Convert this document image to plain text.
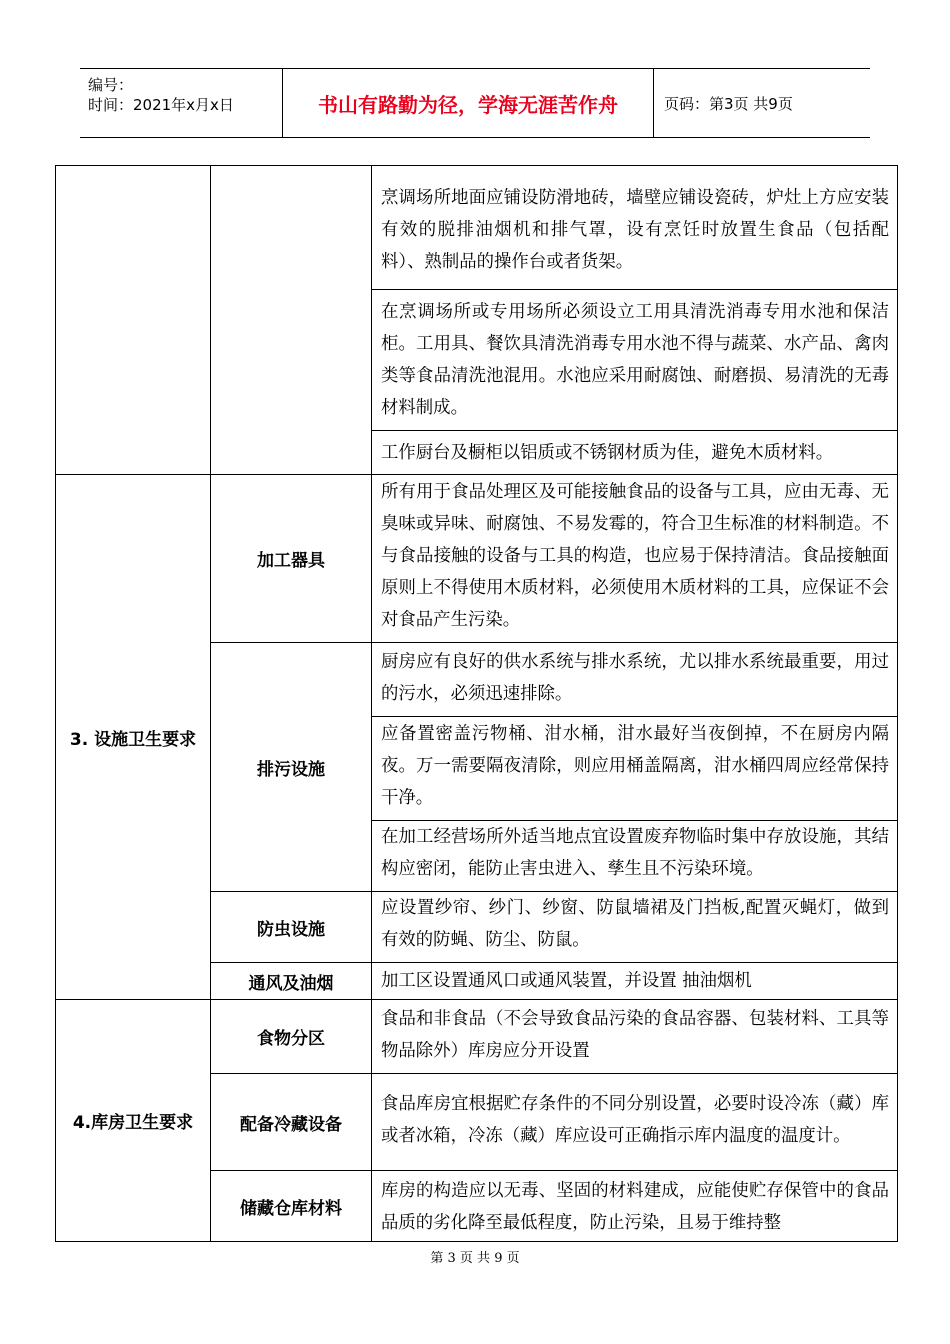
编号：
时间：2021年x月x日	书山有路勤为径，学海无涯苦作舟	页码：第3页 共9页
		烹调场所地面应铺设防滑地砖，墙壁应铺设瓷砖，炉灶上方应安装有效的脱排油烟机和排气罩，设有烹饪时放置生食品（包括配料）、熟制品的操作台或者货架。
		在烹调场所或专用场所必须设立工用具清洗消毒专用水池和保洁柜。工用具、餐饮具清洗消毒专用水池不得与蔬菜、水产品、禽肉类等食品清洗池混用。水池应采用耐腐蚀、耐磨损、易清洗的无毒材料制成。
		工作厨台及橱柜以铝质或不锈钢材质为佳，避免木质材料。
3. 设施卫生要求	加工器具	所有用于食品处理区及可能接触食品的设备与工具，应由无毒、无臭味或异味、耐腐蚀、不易发霉的，符合卫生标准的材料制造。不与食品接触的设备与工具的构造，也应易于保持清洁。食品接触面原则上不得使用木质材料，必须使用木质材料的工具，应保证不会对食品产生污染。
	排污设施	厨房应有良好的供水系统与排水系统，尤以排水系统最重要，用过的污水，必须迅速排除。
		应备置密盖污物桶、泔水桶，泔水最好当夜倒掉，不在厨房内隔夜。万一需要隔夜清除，则应用桶盖隔离，泔水桶四周应经常保持干净。
		在加工经营场所外适当地点宜设置废弃物临时集中存放设施，其结构应密闭，能防止害虫进入、孳生且不污染环境。
	防虫设施	应设置纱帘、纱门、纱窗、防鼠墙裙及门挡板,配置灭蝇灯，做到有效的防蝇、防尘、防鼠。
	通风及油烟	加工区设置通风口或通风装置，并设置 抽油烟机
4.库房卫生要求	食物分区	食品和非食品（不会导致食品污染的食品容器、包装材料、工具等物品除外）库房应分开设置
	配备冷藏设备	食品库房宜根据贮存条件的不同分别设置，必要时设冷冻（藏）库或者冰箱，冷冻（藏）库应设可正确指示库内温度的温度计。
	储藏仓库材料	库房的构造应以无毒、坚固的材料建成，应能使贮存保管中的食品品质的劣化降至最低程度，防止污染，且易于维持整
第 3 页 共 9 页
